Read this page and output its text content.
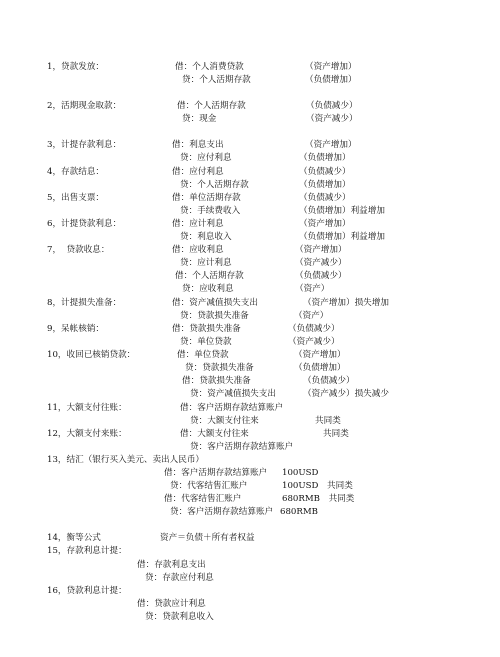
1，贷款发放：	借：个人消费贷款	（资产增加）
贷：个人活期存款	（负债增加）
2，活期现金取款：	借：个人活期存款	（负债减少）
贷：现金	（资产减少）
3，计提存款利息：	借：利息支出	（资产增加）
贷：应付利息	（负债增加）
4，存款结息：	借：应付利息	（负债减少）
贷：个人活期存款	（负债增加）
5，出售支票：	借：单位活期存款	（负债减少）
贷：手续费收入	（负债增加）利益增加
6，计提贷款利息：	借：应计利息	（资产增加）
贷：利息收入	（负债增加）利益增加
7，  贷款收息：	借：应收利息	（资产增加）
贷：应计利息	（资产减少）
借：个人活期存款	（负债减少）
贷：应收利息	（资产）
8，计提损失准备：	借：资产减值损失支出	（资产增加）损失增加
贷：贷款损失准备	（资产）
9，呆帐核销：	借：贷款损失准备	（负债减少）
贷：单位贷款	（资产减少）
10，收回已核销贷款：	借：单位贷款	（资产增加）
贷：贷款损失准备	（负债增加）
借：贷款损失准备	（负债减少）
贷：资产减值损失支出	（资产减少）损失减少
11，大额支付往账：	借：客户活期存款结算账户
贷：大额支付往来	共同类
12，大额支付来账：	借：大额支付往来	共同类
贷：客户活期存款结算账户
13，结汇（银行买入美元、卖出人民币）
借：客户活期存款结算账户 100USD
贷：代客结售汇账户	100USD　共同类
借：代客结售汇账户	680RMB　共同类
贷：客户活期存款结算账户 680RMB
14，衡等公式	资产＝负债＋所有者权益
15，存款利息计提：
借：存款利息支出
贷：存款应付利息
16，贷款利息计提：
借：贷款应计利息
贷：贷款利息收入
